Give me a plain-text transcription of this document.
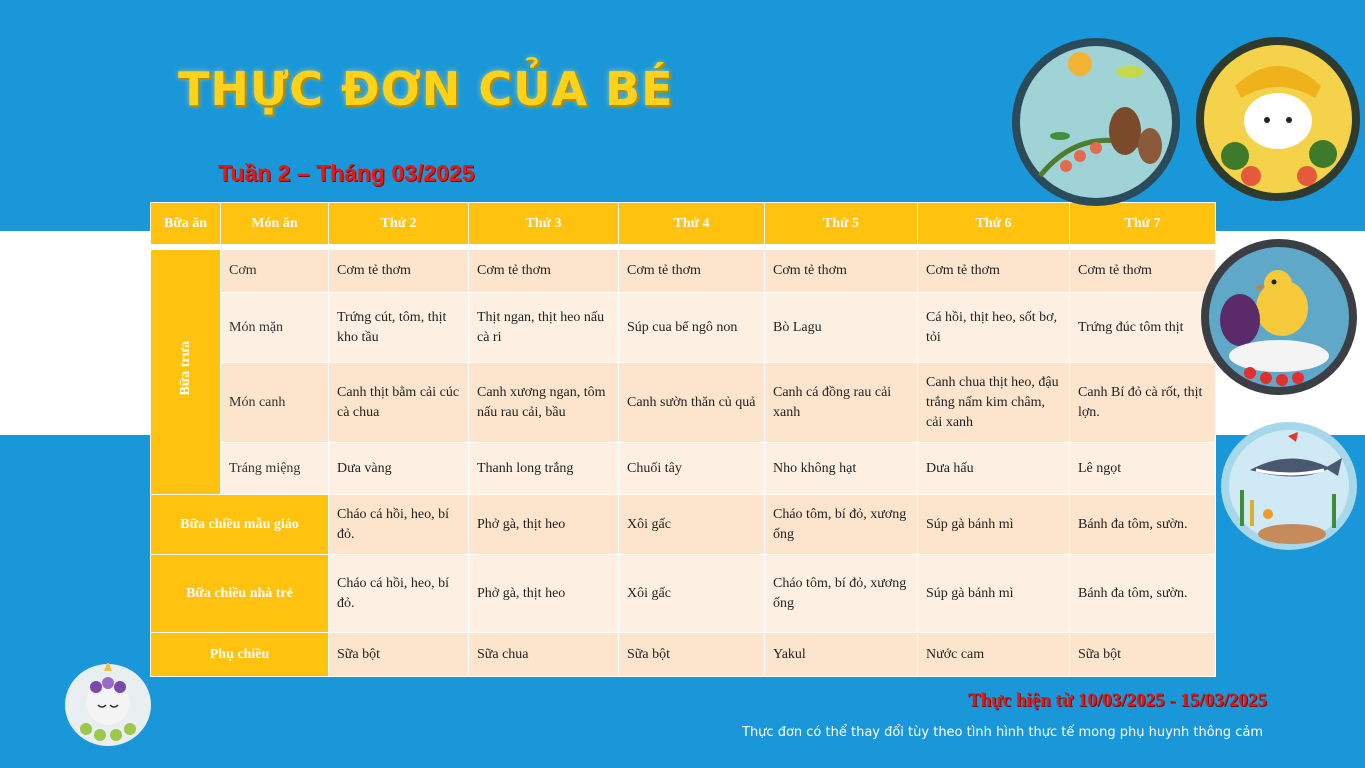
THỰC ĐƠN CỦA BÉ
Tuần 2 – Tháng 03/2025
Bữa ăn	Món ăn	Thứ 2	Thứ 3	Thứ 4	Thứ 5	Thứ 6	Thứ 7

Bữa trưa	Cơm	Cơm tẻ thơm	Cơm tẻ thơm	Cơm tẻ thơm	Cơm tẻ thơm	Cơm tẻ thơm	Cơm tẻ thơm
	Món mặn	Trứng cút, tôm, thịt kho tầu	Thịt ngan, thịt heo nấu cà ri	Súp cua bể ngô non	Bò Lagu	Cá hồi, thịt heo, sốt bơ, tỏi	Trứng đúc tôm thịt
	Món canh	Canh thịt bằm cải cúc cà chua	Canh xương ngan, tôm nấu rau cải, bầu	Canh sườn thăn củ quả	Canh cá đồng rau cải xanh	Canh chua thịt heo, đậu trắng nấm kim châm, cải xanh	Canh Bí đỏ cà rốt, thịt lợn.
	Tráng miệng	Dưa vàng	Thanh long trắng	Chuối tây	Nho không hạt	Dưa hấu	Lê ngọt
Bữa chiều mẫu giáo		Cháo cá hồi, heo, bí đỏ.	Phở gà, thịt heo	Xôi gấc	Cháo tôm, bí đỏ, xương ống	Súp gà bánh mì	Bánh đa tôm, sườn.
Bữa chiều nhà trẻ		Cháo cá hồi, heo, bí đỏ.	Phở gà, thịt heo	Xôi gấc	Cháo tôm, bí đỏ, xương ống	Súp gà bánh mì	Bánh đa tôm, sườn.
Phụ chiều		Sữa bột	Sữa chua	Sữa bột	Yakul	Nước cam	Sữa bột
Thực hiện từ 10/03/2025 - 15/03/2025
Thực đơn có thể thay đổi tùy theo tình hình thực tế mong phụ huynh thông cảm
